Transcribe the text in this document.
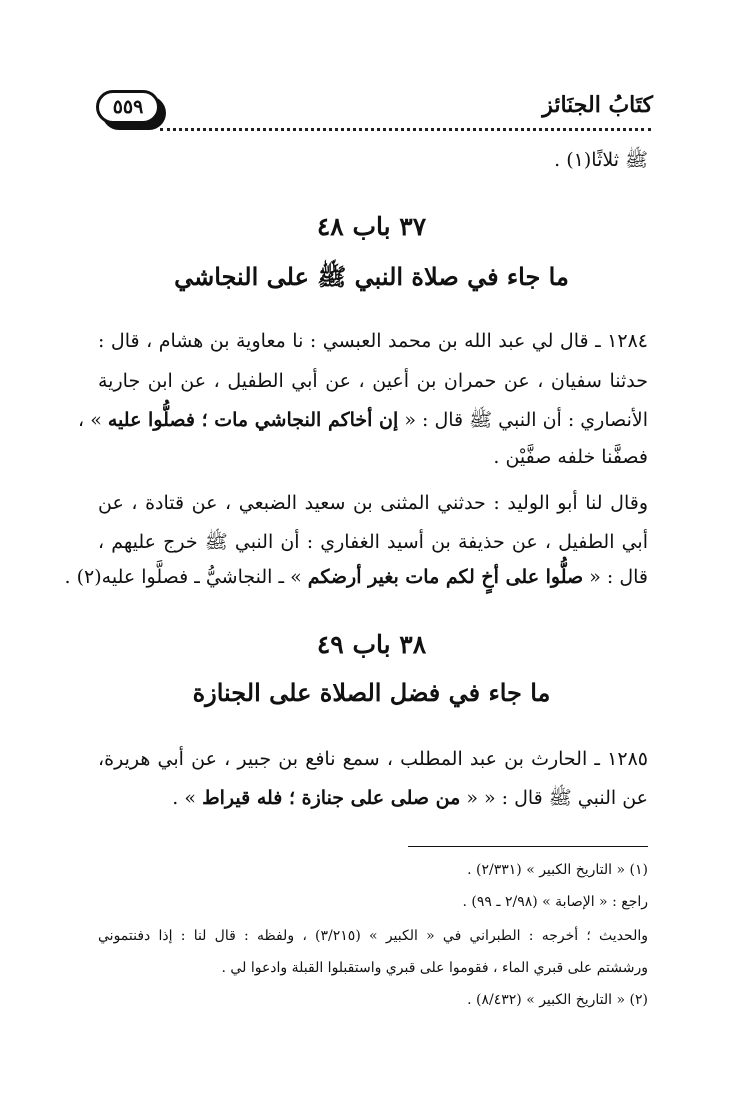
كتَابُ الجنَائز
٥٥٩
ﷺ ثلاثًا(١) .
٣٧ باب ٤٨
ما جاء في صلاة النبي ﷺ على النجاشي
١٢٨٤ ـ قال لي عبد الله بن محمد العبسي : نا معاوية بن هشام ، قال :
حدثنا سفيان ، عن حمران بن أعين ، عن أبي الطفيل ، عن ابن جارية
الأنصاري : أن النبي ﷺ قال : « إن أخاكم النجاشي مات ؛ فصلُّوا عليه » ،
فصفَّنا خلفه صفَّيْن .
وقال لنا أبو الوليد : حدثني المثنى بن سعيد الضبعي ، عن قتادة ، عن
أبي الطفيل ، عن حذيفة بن أسيد الغفاري : أن النبي ﷺ خرج عليهم ،
قال : « صلُّوا على أخٍ لكم مات بغير أرضكم » ـ النجاشيُّ ـ فصلَّوا عليه(٢) .
٣٨ باب ٤٩
ما جاء في فضل الصلاة على الجنازة
١٢٨٥ ـ الحارث بن عبد المطلب ، سمع نافع بن جبير ، عن أبي هريرة،
عن النبي ﷺ قال : « « من صلى على جنازة ؛ فله قيراط » .
(١) « التاريخ الكبير » (٢/٣٣١) .
راجع : « الإصابة » (٢/٩٨ ـ ٩٩) .
والحديث ؛ أخرجه : الطبراني في « الكبير » (٣/٢١٥) ، ولفظه : قال لنا : إذا دفنتموني
ورششتم على قبري الماء ، فقوموا على قبري واستقبلوا القبلة وادعوا لي .
(٢) « التاريخ الكبير » (٨/٤٣٢) .
